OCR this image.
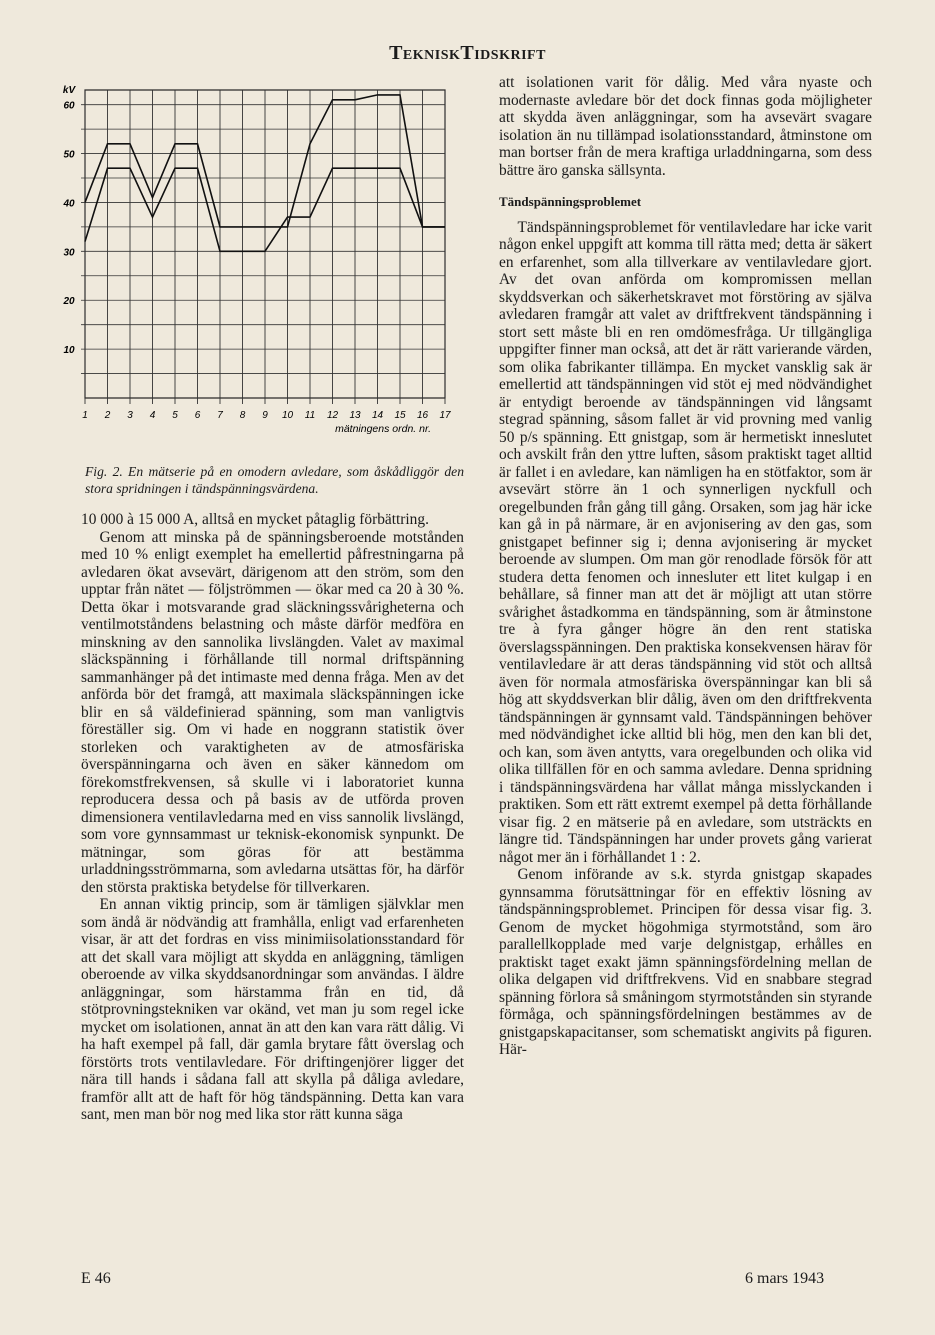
TekniskTidskrift
60
50
40
30
20
10
kV
1 2 3 4 5 6 7 8 9 10 11 12 13 14 15 16 17
mätningens ordn. nr.
Fig. 2. En mätserie på en omodern avledare, som åskådliggör den stora spridningen i tändspänningsvärdena.

10 000 à 15 000 A, alltså en mycket påtaglig förbättring.

Genom att minska på de spänningsberoende motstånden med 10 % enligt exemplet ha emellertid påfrestningarna på avledaren ökat avsevärt, därigenom att den ström, som den upptar från nätet — följströmmen — ökar med ca 20 à 30 %. Detta ökar i motsvarande grad släckningssvårigheterna och ventilmotståndens belastning och måste därför medföra en minskning av den sannolika livslängden. Valet av maximal släckspänning i förhållande till normal driftspänning sammanhänger på det intimaste med denna fråga. Men av det anförda bör det framgå, att maximala släckspänningen icke blir en så väldefinierad spänning, som man vanligtvis föreställer sig. Om vi hade en noggrann statistik över storleken och varaktigheten av de atmosfäriska överspänningarna och även en säker kännedom om förekomstfrekvensen, så skulle vi i laboratoriet kunna reproducera dessa och på basis av de utförda proven dimensionera ventilavledarna med en viss sannolik livslängd, som vore gynnsammast ur teknisk-ekonomisk synpunkt. De mätningar, som göras för att bestämma urladdningsströmmarna, som avledarna utsättas för, ha därför den största praktiska betydelse för tillverkaren.

En annan viktig princip, som är tämligen självklar men som ändå är nödvändig att framhålla, enligt vad erfarenheten visar, är att det fordras en viss minimiisolationsstandard för att det skall vara möjligt att skydda en anläggning, tämligen oberoende av vilka skyddsanordningar som användas. I äldre anläggningar, som härstamma från en tid, då stötprovningstekniken var okänd, vet man ju som regel icke mycket om isolationen, annat än att den kan vara rätt dålig. Vi ha haft exempel på fall, där gamla brytare fått överslag och förstörts trots ventilavledare. För driftingenjörer ligger det nära till hands i sådana fall att skylla på dåliga avledare, framför allt att de haft för hög tändspänning. Detta kan vara sant, men man bör nog med lika stor rätt kunna säga

att isolationen varit för dålig. Med våra nyaste och modernaste avledare bör det dock finnas goda möjligheter att skydda även anläggningar, som ha avsevärt svagare isolation än nu tillämpad isolationsstandard, åtminstone om man bortser från de mera kraftiga urladdningarna, som dess bättre äro ganska sällsynta.

Tändspänningsproblemet

Tändspänningsproblemet för ventilavledare har icke varit någon enkel uppgift att komma till rätta med; detta är säkert en erfarenhet, som alla tillverkare av ventilavledare gjort. Av det ovan anförda om kompromissen mellan skyddsverkan och säkerhetskravet mot förstöring av själva avledaren framgår att valet av driftfrekvent tändspänning i stort sett måste bli en ren omdömesfråga. Ur tillgängliga uppgifter finner man också, att det är rätt varierande värden, som olika fabrikanter tillämpa. En mycket vansklig sak är emellertid att tändspänningen vid stöt ej med nödvändighet är entydigt beroende av tändspänningen vid långsamt stegrad spänning, såsom fallet är vid provning med vanlig 50 p/s spänning. Ett gnistgap, som är hermetiskt inneslutet och avskilt från den yttre luften, såsom praktiskt taget alltid är fallet i en avledare, kan nämligen ha en stötfaktor, som är avsevärt större än 1 och synnerligen nyckfull och oregelbunden från gång till gång. Orsaken, som jag här icke kan gå in på närmare, är en avjonisering av den gas, som gnistgapet befinner sig i; denna avjonisering är mycket beroende av slumpen. Om man gör renodlade försök för att studera detta fenomen och innesluter ett litet kulgap i en behållare, så finner man att det är möjligt att utan större svårighet åstadkomma en tändspänning, som är åtminstone tre à fyra gånger högre än den rent statiska överslagsspänningen. Den praktiska konsekvensen härav för ventilavledare är att deras tändspänning vid stöt och alltså även för normala atmosfäriska överspänningar kan bli så hög att skyddsverkan blir dålig, även om den driftfrekventa tändspänningen är gynnsamt vald. Tändspänningen behöver med nödvändighet icke alltid bli hög, men den kan bli det, och kan, som även antytts, vara oregelbunden och olika vid olika tillfällen för en och samma avledare. Denna spridning i tändspänningsvärdena har vållat många misslyckanden i praktiken. Som ett rätt extremt exempel på detta förhållande visar fig. 2 en mätserie på en avledare, som utsträckts en längre tid. Tändspänningen har under provets gång varierat något mer än i förhållandet 1 : 2.

Genom införande av s.k. styrda gnistgap skapades gynnsamma förutsättningar för en effektiv lösning av tändspänningsproblemet. Principen för dessa visar fig. 3. Genom de mycket högohmiga styrmotstånd, som äro parallellkopplade med varje delgnistgap, erhålles en praktiskt taget exakt jämn spänningsfördelning mellan de olika delgapen vid driftfrekvens. Vid en snabbare stegrad spänning förlora så småningom styrmotstånden sin styrande förmåga, och spänningsfördelningen bestämmes av de gnistgapskapacitanser, som schematiskt angivits på figuren. Här-

E 46	6 mars 1943
